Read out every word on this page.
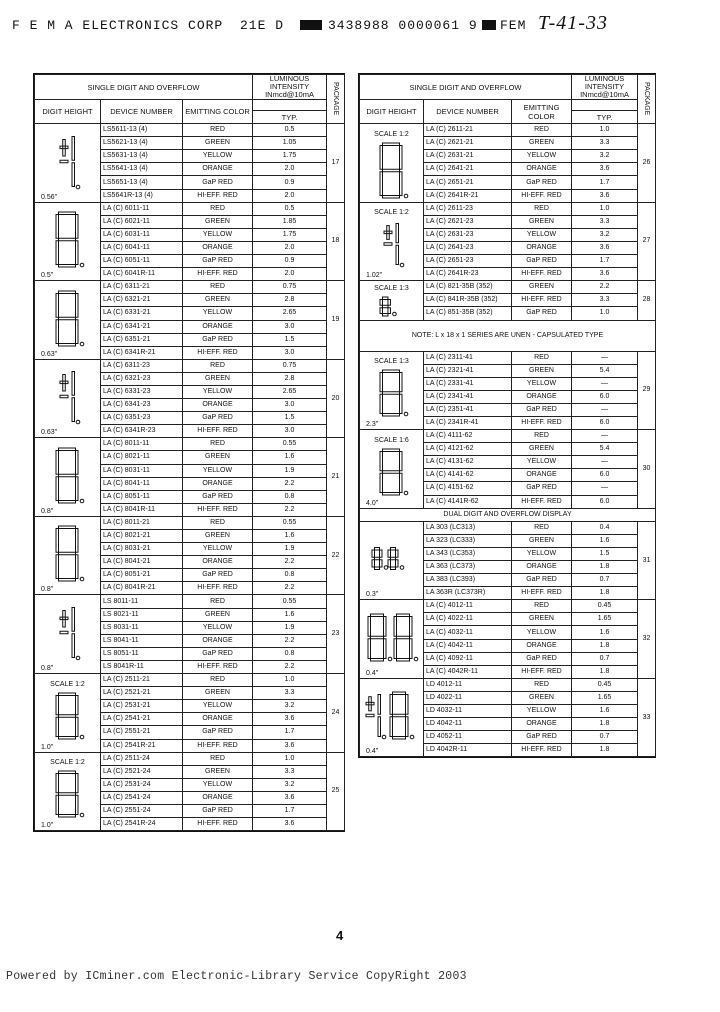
F E M A ELECTRONICS CORP 21E D	3438988 0000061 9 FEM T-41-33
SINGLE DIGIT AND OVERFLOW			LUMINOUS INTENSITY INmcd@10mA	PACKAGE
DIGIT HEIGHT	DEVICE NUMBER	EMITTING COLOR		
			TYP.	

0.56"	LS5611-13 (4)	RED	0.5	17
	LS5621-13 (4)	GREEN	1.05	
	LS5631-13 (4)	YELLOW	1.75	
	LS5641-13 (4)	ORANGE	2.0	
	LS5651-13 (4)	GaP RED	0.9	
	LS5641R-13 (4)	HI-EFF. RED	2.0	

0.5"	LA (C) 6011-11	RED	0.5	18
	LA (C) 6021-11	GREEN	1.85	
	LA (C) 6031-11	YELLOW	1.75	
	LA (C) 6041-11	ORANGE	2.0	
	LA (C) 6051-11	GaP RED	0.9	
	LA (C) 6041R-11	HI-EFF. RED	2.0	

0.63"	LA (C) 6311-21	RED	0.75	19
	LA (C) 6321-21	GREEN	2.8	
	LA (C) 6331-21	YELLOW	2.65	
	LA (C) 6341-21	ORANGE	3.0	
	LA (C) 6351-21	GaP RED	1.5	
	LA (C) 6341R-21	HI-EFF. RED	3.0	

0.63"	LA (C) 6311-23	RED	0.75	20
	LA (C) 6321-23	GREEN	2.8	
	LA (C) 6331-23	YELLOW	2.65	
	LA (C) 6341-23	ORANGE	3.0	
	LA (C) 6351-23	GaP RED	1.5	
	LA (C) 6341R-23	HI-EFF. RED	3.0	

0.8"	LA (C) 8011-11	RED	0.55	21
	LA (C) 8021-11	GREEN	1.6	
	LA (C) 8031-11	YELLOW	1.9	
	LA (C) 8041-11	ORANGE	2.2	
	LA (C) 8051-11	GaP RED	0.8	
	LA (C) 8041R-11	HI-EFF. RED	2.2	

0.8"	LA (C) 8011-21	RED	0.55	22
	LA (C) 8021-21	GREEN	1.6	
	LA (C) 8031-21	YELLOW	1.9	
	LA (C) 8041-21	ORANGE	2.2	
	LA (C) 8051-21	GaP RED	0.8	
	LA (C) 8041R-21	HI-EFF. RED	2.2	

0.8"	LS 8011-11	RED	0.55	23
	LS 8021-11	GREEN	1.6	
	LS 8031-11	YELLOW	1.9	
	LS 8041-11	ORANGE	2.2	
	LS 8051-11	GaP RED	0.8	
	LS 8041R-11	HI-EFF. RED	2.2	

SCALE 1:2
1.0"	LA (C) 2511-21	RED	1.0	24
	LA (C) 2521-21	GREEN	3.3	
	LA (C) 2531-21	YELLOW	3.2	
	LA (C) 2541-21	ORANGE	3.6	
	LA (C) 2551-21	GaP RED	1.7	
	LA (C) 2541R-21	HI-EFF. RED	3.6	

SCALE 1:2
1.0"	LA (C) 2511-24	RED	1.0	25
	LA (C) 2521-24	GREEN	3.3	
	LA (C) 2531-24	YELLOW	3.2	
	LA (C) 2541-24	ORANGE	3.6	
	LA (C) 2551-24	GaP RED	1.7	
	LA (C) 2541R-24	HI-EFF. RED	3.6	
SINGLE DIGIT AND OVERFLOW			LUMINOUS INTENSITY INmcd@10mA	PACKAGE
DIGIT HEIGHT	DEVICE NUMBER	EMITTING COLOR		
			TYP.	

SCALE 1:2	LA (C) 2611-21	RED	1.0	26
	LA (C) 2621-21	GREEN	3.3	
	LA (C) 2631-21	YELLOW	3.2	
	LA (C) 2641-21	ORANGE	3.6	
	LA (C) 2651-21	GaP RED	1.7	
	LA (C) 2641R-21	HI-EFF. RED	3.6	

SCALE 1:2
1.02"	LA (C) 2611-23	RED	1.0	27
	LA (C) 2621-23	GREEN	3.3	
	LA (C) 2631-23	YELLOW	3.2	
	LA (C) 2641-23	ORANGE	3.6	
	LA (C) 2651-23	GaP RED	1.7	
	LA (C) 2641R-23	HI-EFF. RED	3.6	

SCALE 1:3	LA (C) 821-35B (352)	GREEN	2.2	28
	LA (C) 841R-35B (352)	HI-EFF. RED	3.3	
	LA (C) 851-35B (352)	GaP RED	1.0	
NOTE: L x 18 x 1 SERIES ARE UNEN - CAPSULATED TYPE				

SCALE 1:3
2.3"	LA (C) 2311-41	RED	—	29
	LA (C) 2321-41	GREEN	5.4	
	LA (C) 2331-41	YELLOW	—	
	LA (C) 2341-41	ORANGE	6.0	
	LA (C) 2351-41	GaP RED	—	
	LA (C) 2341R-41	HI-EFF. RED	6.0	

SCALE 1:6
4.0"	LA (C) 4111-62	RED	—	30
	LA (C) 4121-62	GREEN	5.4	
	LA (C) 4131-62	YELLOW	—	
	LA (C) 4141-62	ORANGE	6.0	
	LA (C) 4151-62	GaP RED	—	
	LA (C) 4141R-62	HI-EFF. RED	6.0	
DUAL DIGIT AND OVERFLOW DISPLAY				

0.3"	LA 303 (LC313)	RED	0.4	31
	LA 323 (LC333)	GREEN	1.6	
	LA 343 (LC353)	YELLOW	1.5	
	LA 363 (LC373)	ORANGE	1.8	
	LA 383 (LC393)	GaP RED	0.7	
	LA 363R (LC373R)	HI-EFF. RED	1.8	

0.4"	LA (C) 4012-11	RED	0.45	32
	LA (C) 4022-11	GREEN	1.65	
	LA (C) 4032-11	YELLOW	1.6	
	LA (C) 4042-11	ORANGE	1.8	
	LA (C) 4092-11	GaP RED	0.7	
	LA (C) 4042R-11	HI-EFF. RED	1.8	

0.4"	LD 4012-11	RED	0.45	33
	LD 4022-11	GREEN	1.65	
	LD 4032-11	YELLOW	1.6	
	LD 4042-11	ORANGE	1.8	
	LD 4052-11	GaP RED	0.7	
	LD 4042R-11	HI-EFF. RED	1.8	
4
Powered by ICminer.com Electronic-Library Service CopyRight 2003
